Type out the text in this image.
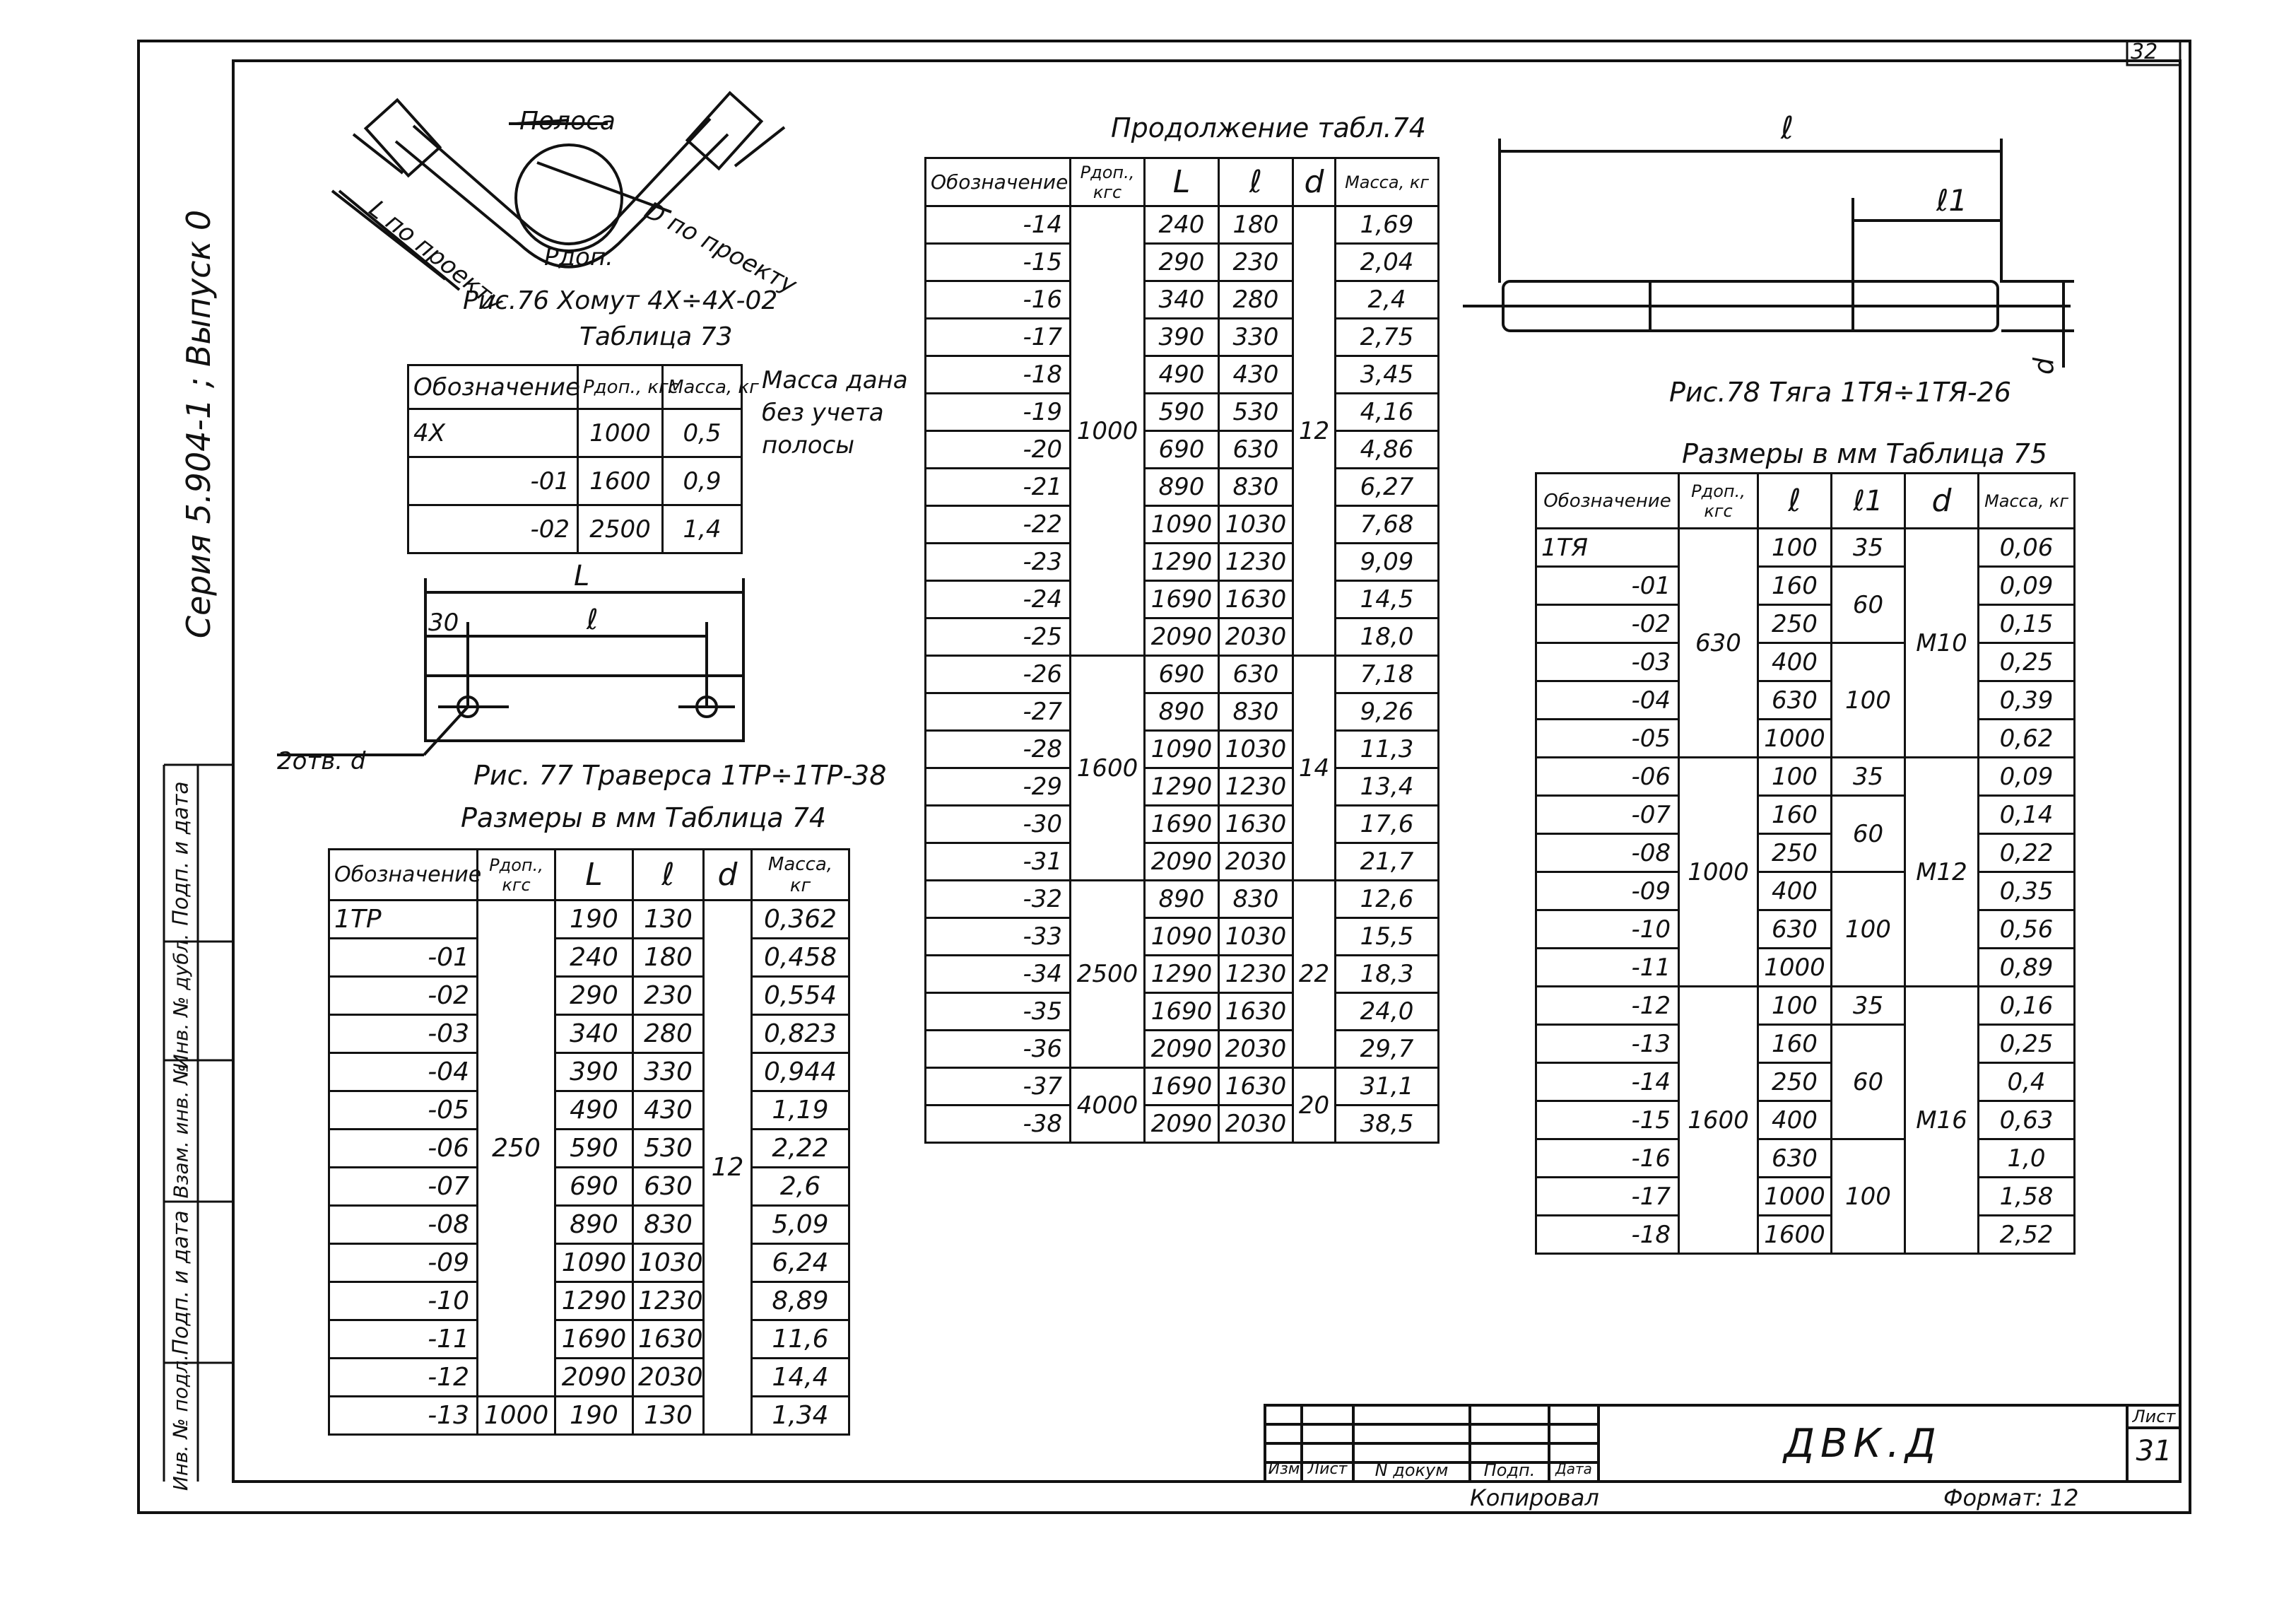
Полоса
L по проекту	D по проекту
Pдоп.
Рис.76 Хомут 4Х÷4Х-02
Таблица 73
L
ℓ
30
2отв. d	Рис. 77 Траверса 1ТР÷1ТР-38
Размеры в мм Таблица 74
Продолжение табл.74	ℓ
ℓ1
d
Рис.78 Тяга 1ТЯ÷1ТЯ-26
Размеры в мм Таблица 75
32
Серия 5.904-1 ; Выпуск 0
Подп. и дата
Инв. № дубл.
Взам. инв. №
Подп. и дата
Инв. № подл.
Обозначение	Pдоп., кгс	Масса, кг
4Х	1000	0,5
-01	1600	0,9
-02	2500	1,4
Масса дана без учета полосы
Обозначение	Pдоп., кгс	L	ℓ	d	Масса, кг
1ТР	250	190	130	12	0,362
-01		240	180		0,458
-02		290	230		0,554
-03		340	280		0,823
-04		390	330		0,944
-05		490	430		1,19
-06		590	530		2,22
-07		690	630		2,6
-08		890	830		5,09
-09		1090	1030		6,24
-10		1290	1230		8,89
-11		1690	1630		11,6
-12		2090	2030		14,4
-13	1000	190	130		1,34
Обозначение	Pдоп., кгс	L	ℓ	d	Масса, кг
-14	1000	240	180	12	1,69
-15		290	230		2,04
-16		340	280		2,4
-17		390	330		2,75
-18		490	430		3,45
-19		590	530		4,16
-20		690	630		4,86
-21		890	830		6,27
-22		1090	1030		7,68
-23		1290	1230		9,09
-24		1690	1630		14,5
-25		2090	2030		18,0
-26	1600	690	630	14	7,18
-27		890	830		9,26
-28		1090	1030		11,3
-29		1290	1230		13,4
-30		1690	1630		17,6
-31		2090	2030		21,7
-32	2500	890	830	22	12,6
-33		1090	1030		15,5
-34		1290	1230		18,3
-35		1690	1630		24,0
-36		2090	2030		29,7
-37	4000	1690	1630	20	31,1
-38		2090	2030		38,5
Обозначение	Pдоп., кгс	ℓ	ℓ1	d	Масса, кг
1ТЯ	630	100	35	М10	0,06
-01		160	60		0,09
-02		250			0,15
-03		400	100		0,25
-04		630			0,39
-05		1000			0,62
-06	1000	100	35	М12	0,09
-07		160	60		0,14
-08		250			0,22
-09		400	100		0,35
-10		630			0,56
-11		1000			0,89
-12	1600	100	35	М16	0,16
-13		160	60		0,25
-14		250			0,4
-15		400			0,63
-16		630	100		1,0
-17		1000			1,58
-18		1600			2,52
Изм Лист	N докум	Подп.	Дата
ДВК.Д
Лист
31
Копировал	Формат: 12
